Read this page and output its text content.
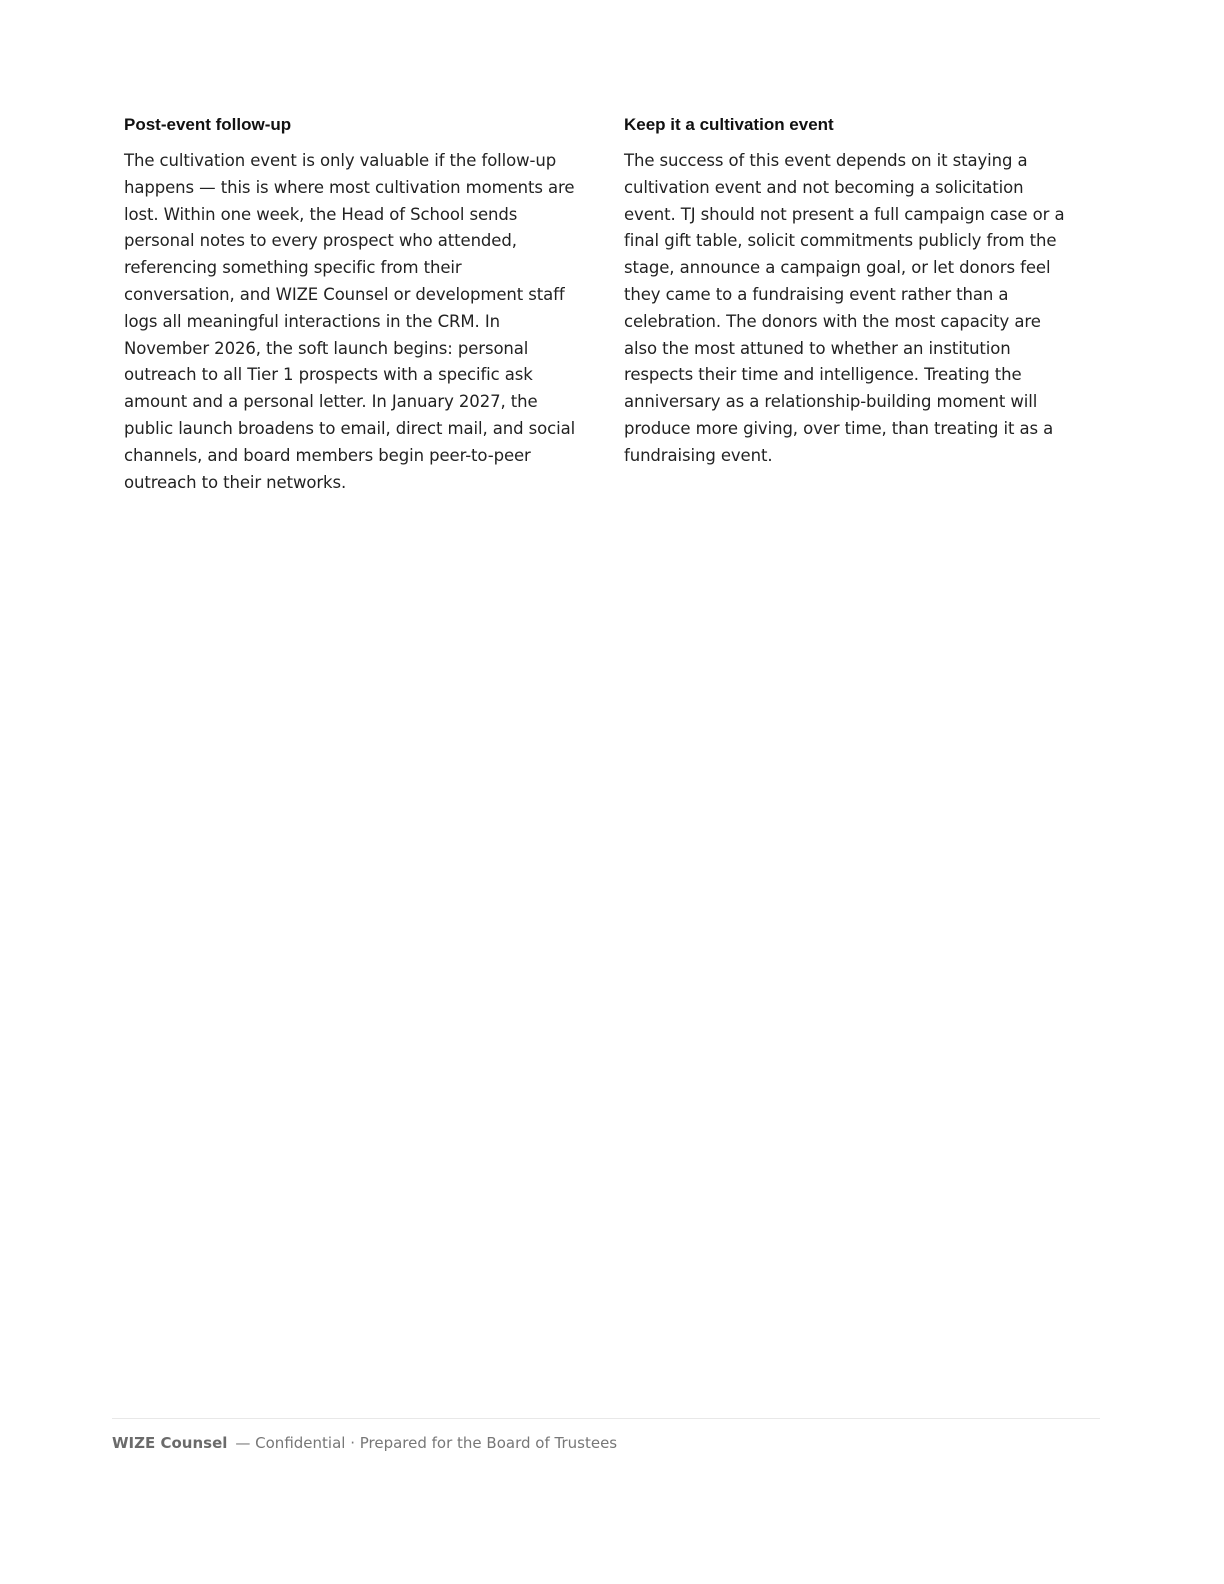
Post-event follow-up

The cultivation event is only valuable if the follow-up happens — this is where most cultivation moments are lost. Within one week, the Head of School sends personal notes to every prospect who attended, referencing something specific from their conversation, and WIZE Counsel or development staff logs all meaningful interactions in the CRM. In November 2026, the soft launch begins: personal outreach to all Tier 1 prospects with a specific ask amount and a personal letter. In January 2027, the public launch broadens to email, direct mail, and social channels, and board members begin peer-to-peer outreach to their networks.

Keep it a cultivation event

The success of this event depends on it staying a cultivation event and not becoming a solicitation event. TJ should not present a full campaign case or a final gift table, solicit commitments publicly from the stage, announce a campaign goal, or let donors feel they came to a fundraising event rather than a celebration. The donors with the most capacity are also the most attuned to whether an institution respects their time and intelligence. Treating the anniversary as a relationship-building moment will produce more giving, over time, than treating it as a fundraising event.

WIZE Counsel — Confidential · Prepared for the Board of Trustees
